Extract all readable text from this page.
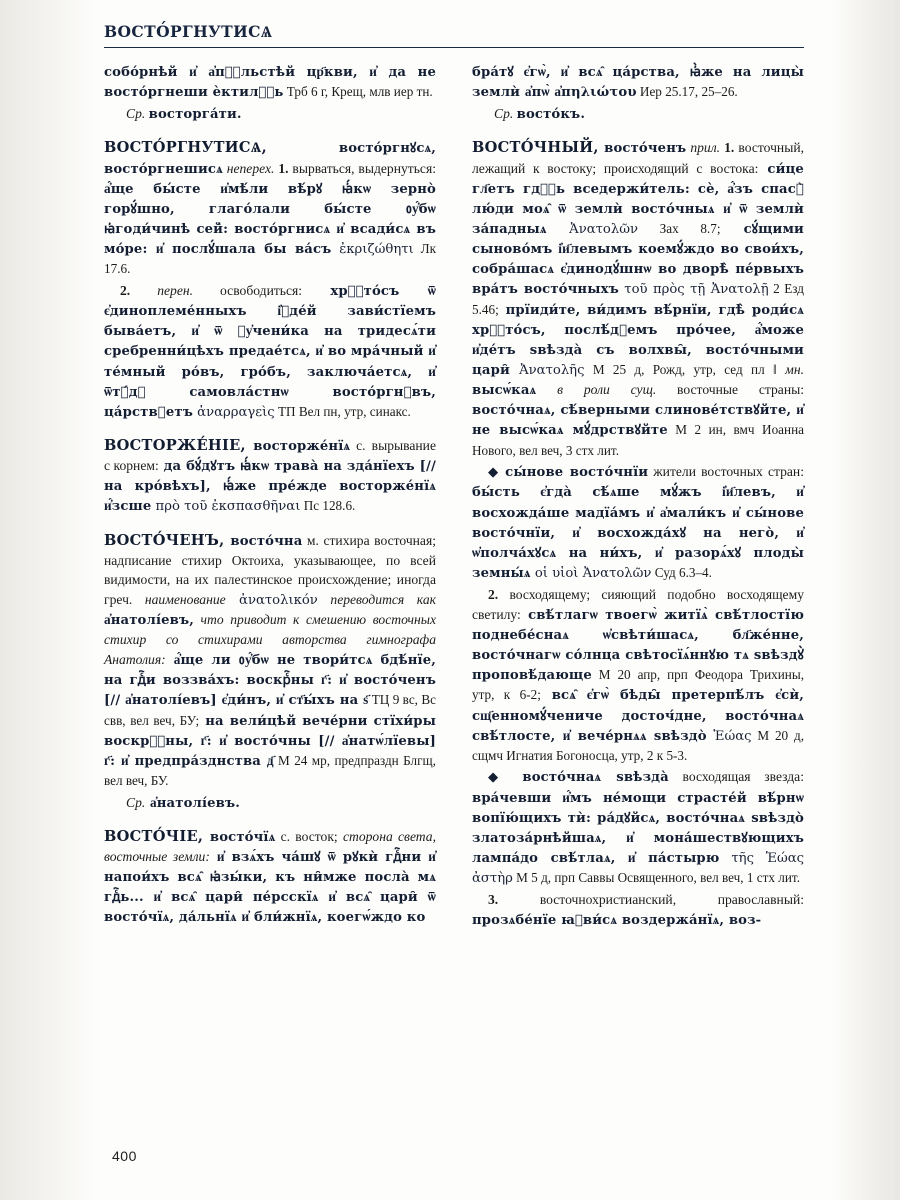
ВОСТО́РГНУТИСѦ

собо́рнѣй и҆ а҆пⷭ҇льстѣй цр҃кви, и҆ да не восто́ргнеши ѐктилⷭ҇ь Трб 6 г, Крещ, млв иер тн.

Ср. восторга́ти.

ВОСТО́РГНУТИСѦ, восто́ргнꙋсѧ, восто́ргнешисѧ неперех. 1. вырваться, выдернуться: а҆́ще бы́сте и҆мѣ́ли вѣ́рꙋ ꙗ҆́кѡ зерно̀ горꙋ́шно, глаго́лали бы́сте ᲂу҆́бѡ ꙗ҆годи́чинѣ сей̀: восто́ргнисѧ и҆ всади́сѧ въ мо́ре: и҆ послꙋ́шала бы ва́съ ἐκριζώθητι Лк 17.6.

2. перен. освободиться: хрⷭ҇то́съ ѿ є҆диноплеме́нныхъ і҆ꙋде́й зави́стїемъ быва́етъ, и҆ ѿ ᲂу҆чени́ка на тридесѧ́ти сребренни́цѣхъ предае́тсѧ, и҆ во мра́чный и҆ те́мный ро́въ, гро́бъ, заключа́етсѧ, и҆ ѿтꙋ́дꙋ самовла́стнѡ восто́ргнꙋвъ, ца́рствꙋетъ ἀναρραγεὶς ТП Вел пн, утр, синакс.

ВОСТОРЖЕ́НІЕ, восторже́нїѧ с. вырывание с корнем: да бꙋ́дꙋтъ ꙗ҆́кѡ трава̀ на зда́нїехъ [// на кро́вѣхъ], ꙗ҆́же пре́жде восторже́нїѧ и҆́зсше πρὸ τοῦ ἐκσπασθῆναι Пс 128.6.

ВОСТО́ЧЕНЪ, восто́чна м. стихира восточная; надписание стихир Октоиха, указывающее, по всей видимости, на их палестинское происхождение; иногда греч. наименование ἀνατολικόν переводится как а҆натолі́евъ, что приводит к смешению восточных стихир со стихирами авторства гимнографа Анатолия: а҆́ще ли ᲂу҆́бѡ не твори́тсѧ бдѣ́нїе, на гдⷭ҇и воззва́хъ: воскрⷭ҇ны г҃: и҆ восто́ченъ [// а҆натолі́евъ] є҆ди́нъ, и҆ ст҃ы́хъ на ѕ҃ ТЦ 9 вс, Вс свв, вел веч, БУ; на вели́цѣй вече́рни стїхи́ры воскрⷭ҇ны, г҃: и҆ восто́чны [// а҆натѡ́лїевы] г҃: и҆ предпра́зднства д҃ М 24 мр, предпраздн Блгщ, вел веч, БУ.

Ср. а҆натолі́евъ.

ВОСТО́ЧІЕ, восто́чїѧ с. восток; сторона света, восточные земли: и҆ взѧ́хъ ча́шꙋ ѿ рꙋкѝ гдⷭ҇ни и҆ напои́хъ всѧ̑ ꙗ҆зы́ки, къ ни̑мже посла̀ мѧ гдⷭ҇ь... и҆ всѧ̑ цари̑ пе́рсскїѧ и҆ всѧ̑ цари̑ ѿ восто́чїѧ, да́льнїѧ и҆ бли́жнїѧ, коегѡ́ждо ко

бра́тꙋ є҆гѡ̀, и҆ всѧ̑ ца́рства, ꙗ҆̀же на лицы̀ землѝ а҆пѡ̀ а҆пηλιώτου Иер 25.17, 25–26.

Ср. восто́къ.

ВОСТО́ЧНЫЙ, восто́ченъ прил. 1. восточный, лежащий к востоку; происходящий с востока: си́це гл҃етъ гдⷭ҇ь вседержи́тель: сѐ, а҆́зъ спасꙋ̀ лю́ди моѧ̑ ѿ землѝ восто́чныѧ и҆ ѿ землѝ за́падныѧ Ἀνατολῶν Зах 8.7; сꙋ́щими сыново́мъ і҆и҃левымъ коемꙋ́ждо во свои́хъ, собра́шасѧ є҆динодꙋ́шнѡ во дворѣ̀ пе́рвыхъ вра́тъ восто́чныхъ τοῦ πρὸς τῇ Ἀνατολῇ 2 Езд 5.46; прїиди́те, ви́димъ вѣ́рнїи, гдѣ̀ роди́сѧ хрⷭ҇то́съ, послѣ́дꙋемъ про́чее, а҆́може и҆де́тъ ѕвѣзда̀ съ волхвы̑, восто́чными цари̑ Ἀνατολῆς М 25 д, Рожд, утр, сед пл ‖ мн. высѡ́каѧ в роли сущ. восточные страны: восто́чнаѧ, сѣ́верными слинове́тствꙋйте, и҆ не высѡ́каѧ мꙋ́дрствꙋйте М 2 ин, вмч Иоанна Нового, вел веч, 3 стх лит.

◆ сы́нове восто́чнїи жители восточных стран: бы́сть є҆гда̀ сѣ́ѧше мꙋ́жъ і҆и҃левъ, и҆ восхожда́ше мадїа́мъ и҆ а҆мали́къ и҆ сы́нове восто́чнїи, и҆ восхожда́хꙋ на него̀, и҆ ѡ҆полча́хꙋсѧ на ни́хъ, и҆ разорѧ́хꙋ плоды̀ земны́ѧ οἱ υἱοὶ Ἀνατολῶν Суд 6.3–4.

2. восходящему; сияющий подобно восходящему светилу: свѣ́тлагѡ твоегѡ̀ житїѧ̀ свѣ́тлостїю поднебе́снаѧ ѡ҆свѣти́шасѧ, бл҃же́нне, восто́чнагѡ со́лнца свѣтосїѧ́ннꙋю тѧ ѕвѣздꙋ̀ проповѣ́дающе М 20 апр, прп Феодора Трихины, утр, к 6-2; всѧ̑ є҆гѡ̀ бѣды̑ претерпѣ́лъ є҆сѝ, сщ҃енномꙋ́чениче досточ́дне, восто́чнаѧ свѣ́тлосте, и҆ вече́рнѧѧ ѕвѣздо̀ Ἑώας М 20 д, сщмч Игнатия Богоносца, утр, 2 к 5-3.

◆ восто́чнаѧ ѕвѣзда̀ восходящая звезда: вра́чевши и҆́мъ не́мощи страсте́й вѣ́рнѡ вопїю́щихъ тѝ: ра́дꙋйсѧ, восто́чнаѧ ѕвѣздо̀ златоза́рнѣйшаѧ, и҆ мона́шествꙋющихъ лампа́до свѣ́тлаѧ, и҆ па́стырю τῆς Ἑώας ἀστὴρ М 5 д, прп Саввы Освященного, вел веч, 1 стх лит.

3. восточнохристианский, православный: прозѧбе́нїе ꙗ҆ви́сѧ воздержа́нїѧ, воз-

400
